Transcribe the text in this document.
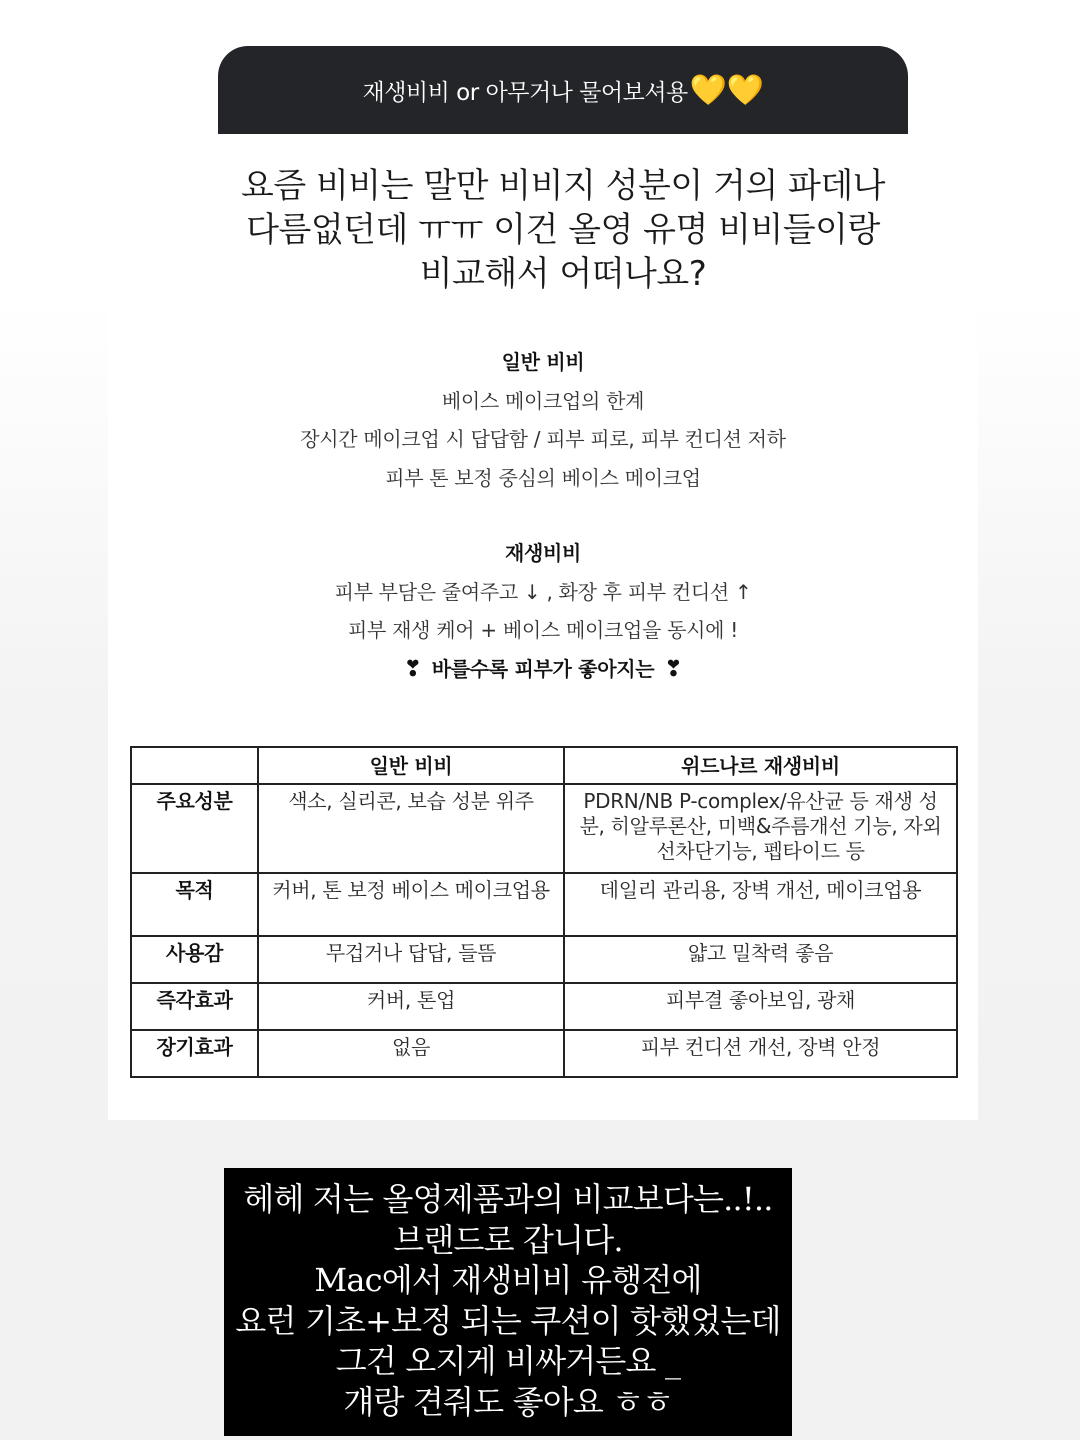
재생비비 or 아무거나 물어보셔용 💛💛
요즘 비비는 말만 비비지 성분이 거의 파데나
다름없던데 ㅠㅠ 이건 올영 유명 비비들이랑
비교해서 어떠나요?
일반 비비
베이스 메이크업의 한계
장시간 메이크업 시 답답함 / 피부 피로, 피부 컨디션 저하
피부 톤 보정 중심의 베이스 메이크업
재생비비
피부 부담은 줄여주고 ↓ , 화장 후 피부 컨디션 ↑
피부 재생 케어 + 베이스 메이크업을 동시에 !
❣ 바를수록 피부가 좋아지는 ❣
	일반 비비	위드나르 재생비비
주요성분	색소, 실리콘, 보습 성분 위주	PDRN/NB P-complex/유산균 등 재생 성분, 히알루론산, 미백&주름개선 기능, 자외선차단기능, 펩타이드 등
목적	커버, 톤 보정 베이스 메이크업용	데일리 관리용, 장벽 개선, 메이크업용
사용감	무겁거나 답답, 들뜸	얇고 밀착력 좋음
즉각효과	커버, 톤업	피부결 좋아보임, 광채
장기효과	없음	피부 컨디션 개선, 장벽 안정
헤헤 저는 올영제품과의 비교보다는..!..
브랜드로 갑니다.
Mac에서 재생비비 유행전에
요런 기초+보정 되는 쿠션이 핫했었는데
그건 오지게 비싸거든요 _
걔랑 견줘도 좋아요 ㅎㅎ
